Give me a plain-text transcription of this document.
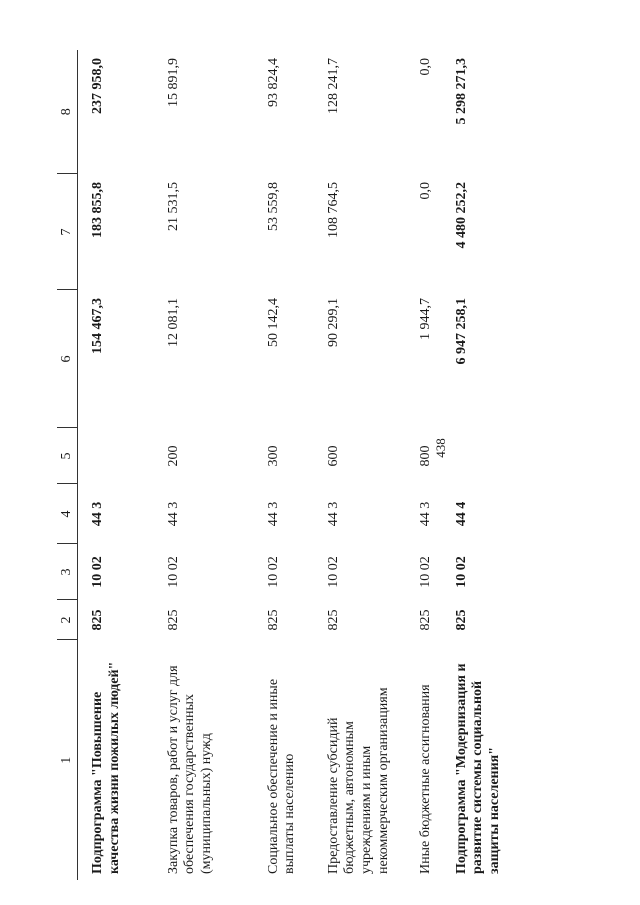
438
1	2	3	4	5	6	7	8
Подпрограмма "Повышение качества жизни пожилых людей"	825	10 02	44 3		154 467,3	183 855,8	237 958,0
Закупка товаров, работ и услуг для обеспечения государственных (муниципальных) нужд	825	10 02	44 3	200	12 081,1	21 531,5	15 891,9
Социальное обеспечение и иные выплаты населению	825	10 02	44 3	300	50 142,4	53 559,8	93 824,4
Предоставление субсидий бюджетным, автономным учреждениям и иным некоммерческим организациям	825	10 02	44 3	600	90 299,1	108 764,5	128 241,7
Иные бюджетные ассигнования	825	10 02	44 3	800	1 944,7	0,0	0,0
Подпрограмма "Модернизация и развитие системы социальной защиты населения"	825	10 02	44 4		6 947 258,1	4 480 252,2	5 298 271,3
